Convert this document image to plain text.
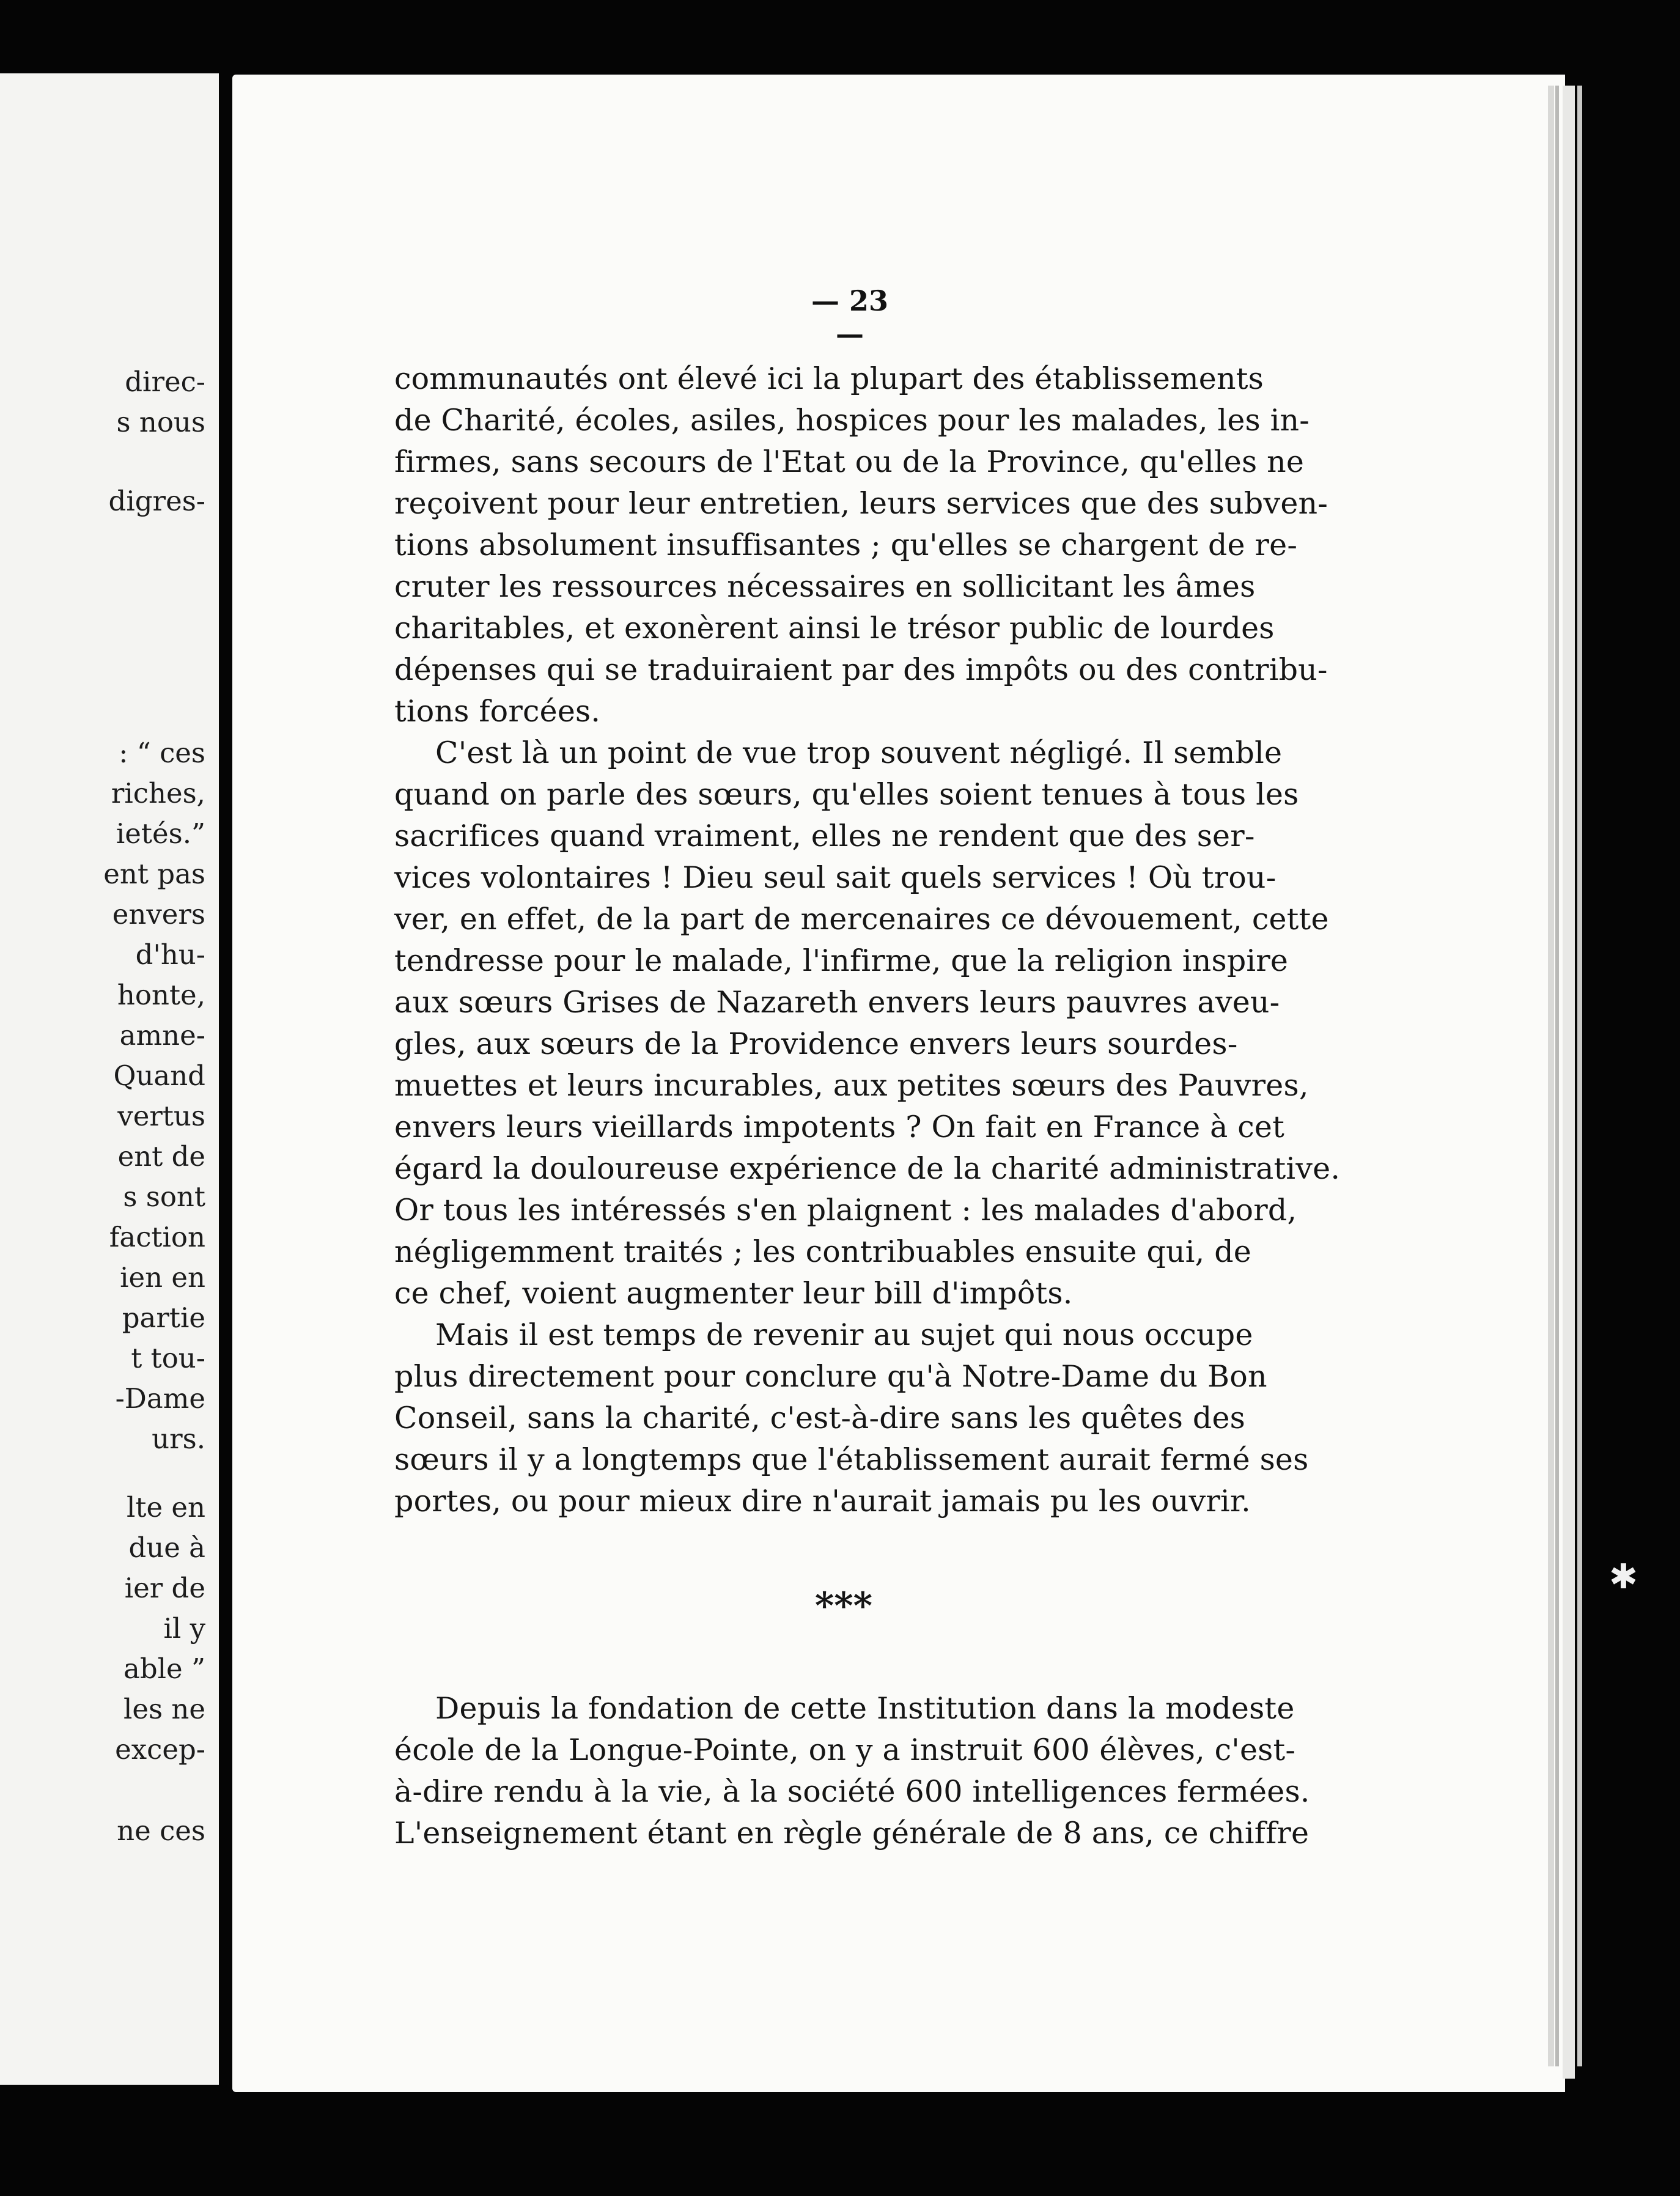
direc-
s nous
digres-
: “ ces
riches,
ietés.”
ent pas
envers
d'hu-
honte,
amne-
Quand
vertus
ent de
s sont
faction
ien en
partie
t tou-
-Dame
urs.
lte en
due à
ier de
il y
able ”
les ne
excep-
ne ces
— 23 —
communautés ont élevé ici la plupart des établissements
de Charité, écoles, asiles, hospices pour les malades, les in-
firmes, sans secours de l'Etat ou de la Province, qu'elles ne
reçoivent pour leur entretien, leurs services que des subven-
tions absolument insuffisantes ; qu'elles se chargent de re-
cruter les ressources nécessaires en sollicitant les âmes
charitables, et exonèrent ainsi le trésor public de lourdes
dépenses qui se traduiraient par des impôts ou des contribu-
tions forcées.
C'est là un point de vue trop souvent négligé. Il semble
quand on parle des sœurs, qu'elles soient tenues à tous les
sacrifices quand vraiment, elles ne rendent que des ser-
vices volontaires ! Dieu seul sait quels services ! Où trou-
ver, en effet, de la part de mercenaires ce dévouement, cette
tendresse pour le malade, l'infirme, que la religion inspire
aux sœurs Grises de Nazareth envers leurs pauvres aveu-
gles, aux sœurs de la Providence envers leurs sourdes-
muettes et leurs incurables, aux petites sœurs des Pauvres,
envers leurs vieillards impotents ? On fait en France à cet
égard la douloureuse expérience de la charité administrative.
Or tous les intéressés s'en plaignent : les malades d'abord,
négligemment traités ; les contribuables ensuite qui, de
ce chef, voient augmenter leur bill d'impôts.
Mais il est temps de revenir au sujet qui nous occupe
plus directement pour conclure qu'à Notre-Dame du Bon
Conseil, sans la charité, c'est-à-dire sans les quêtes des
sœurs il y a longtemps que l'établissement aurait fermé ses
portes, ou pour mieux dire n'aurait jamais pu les ouvrir.
***
Depuis la fondation de cette Institution dans la modeste
école de la Longue-Pointe, on y a instruit 600 élèves, c'est-
à-dire rendu à la vie, à la société 600 intelligences fermées.
L'enseignement étant en règle générale de 8 ans, ce chiffre
✱
